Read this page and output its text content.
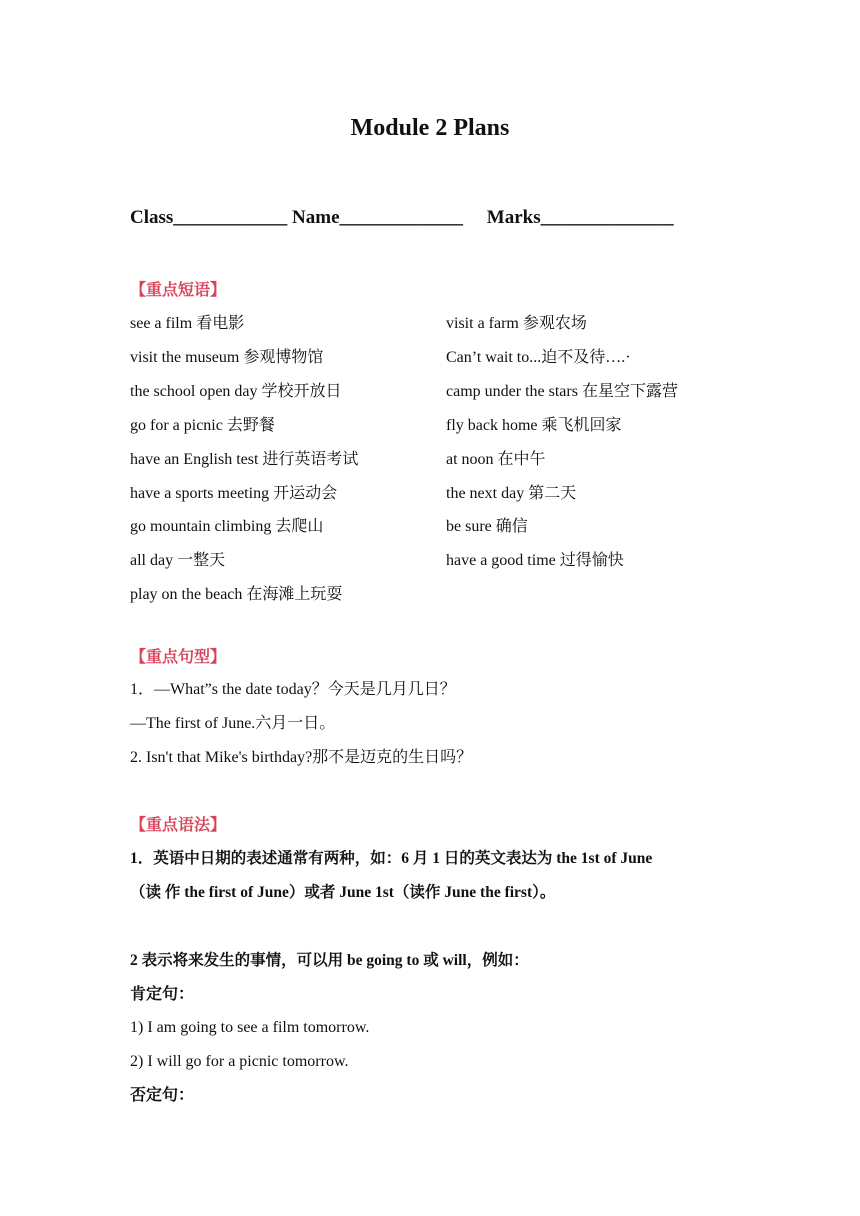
Module 2 Plans
Class____________ Name_____________ Marks______________
【重点短语】
see a film 看电影
visit the museum 参观博物馆
the school open day 学校开放日
go for a picnic 去野餐
have an English test 进行英语考试
have a sports meeting 开运动会
go mountain climbing 去爬山
all day 一整天
play on the beach 在海滩上玩耍
visit a farm 参观农场
Can’t wait to...迫不及待….·
camp under the stars 在星空下露营
fly back home 乘飞机回家
at noon 在中午
the next day 第二天
be sure 确信
have a good time 过得愉快
【重点句型】
1．—What”s the date today？今天是几月几日？
—The first of June.六月一日。
2. Isn't that Mike's birthday?那不是迈克的生日吗？
【重点语法】
1．英语中日期的表述通常有两种，如：6 月 1 日的英文表达为 the 1st of June
（读 作 the first of June）或者 June 1st（读作 June the first）。
2 表示将来发生的事情，可以用 be going to 或 will，例如：
肯定句：
1) I am going to see a film tomorrow.
2) I will go for a picnic tomorrow.
否定句：
